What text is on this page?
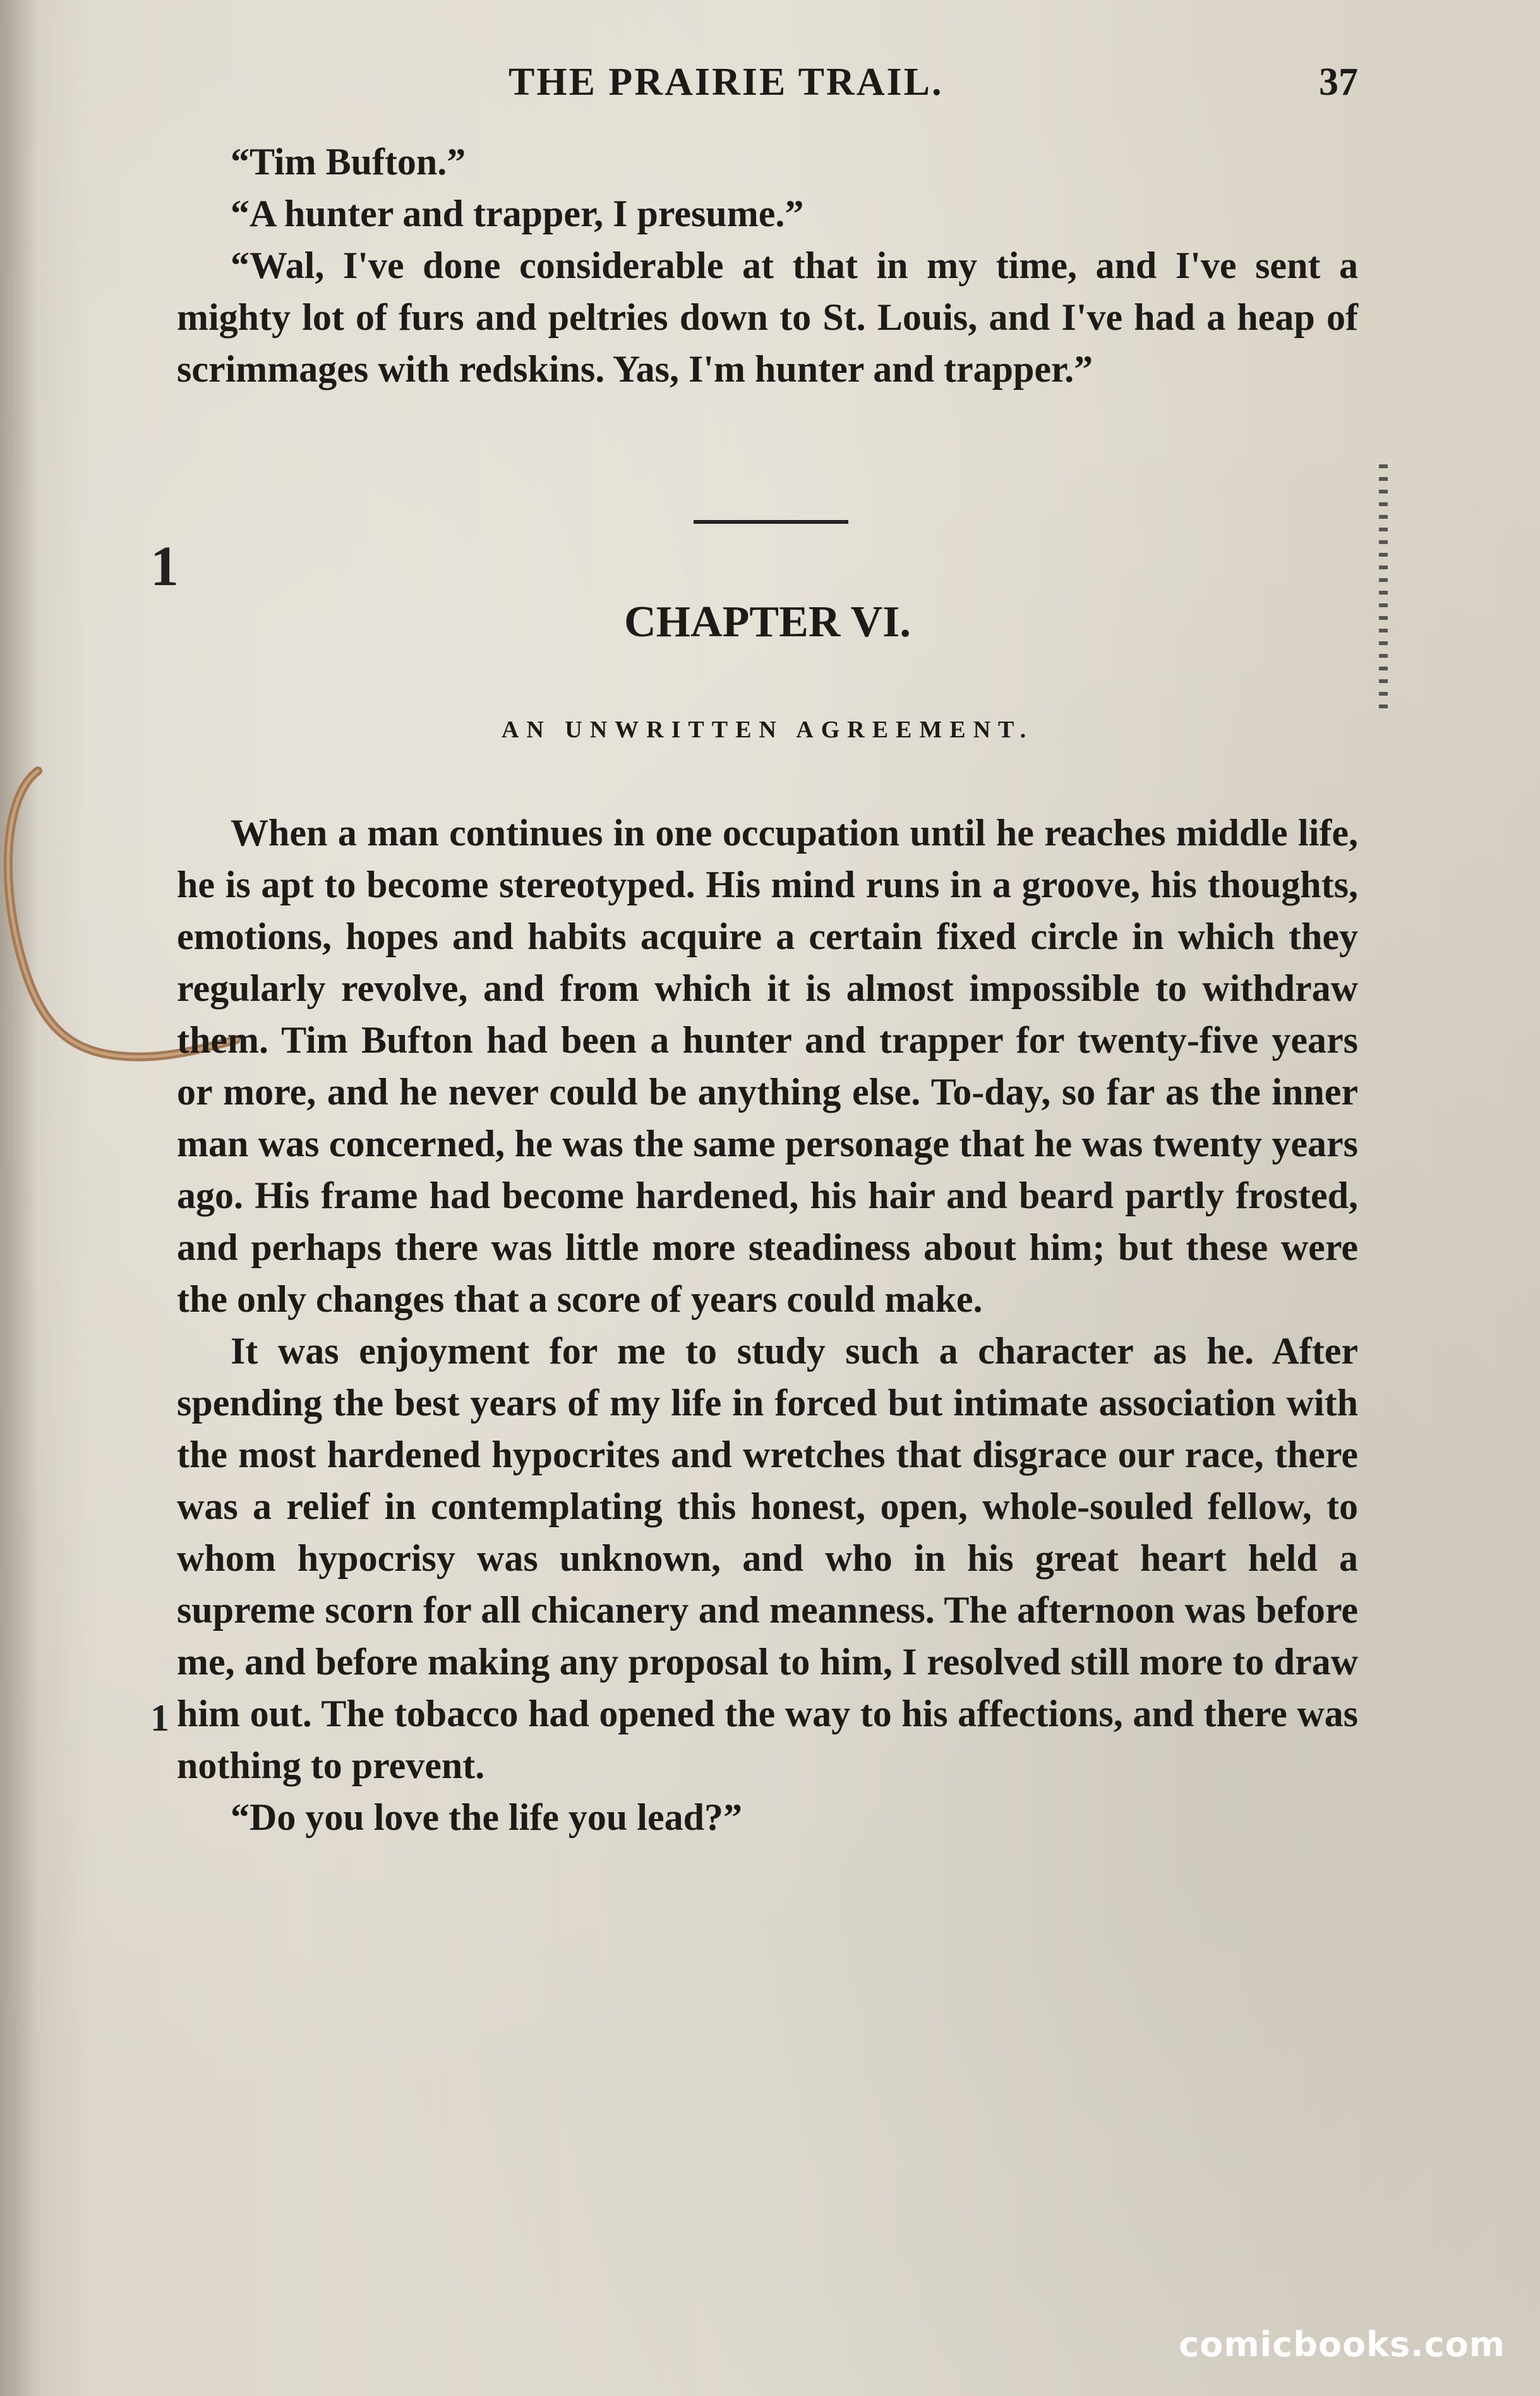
1
1
THE PRAIRIE TRAIL.	37

“Tim Bufton.”

“A hunter and trapper, I presume.”

“Wal, I've done considerable at that in my time, and I've sent a mighty lot of furs and peltries down to St. Louis, and I've had a heap of scrimmages with redskins. Yas, I'm hunter and trapper.”

CHAPTER VI.
AN UNWRITTEN AGREEMENT.

When a man continues in one occupation until he reaches middle life, he is apt to become stereotyped. His mind runs in a groove, his thoughts, emotions, hopes and habits acquire a certain fixed circle in which they regularly revolve, and from which it is almost impossible to withdraw them. Tim Bufton had been a hunter and trapper for twenty-five years or more, and he never could be anything else. To-day, so far as the inner man was concerned, he was the same personage that he was twenty years ago. His frame had become hardened, his hair and beard partly frosted, and perhaps there was little more steadiness about him; but these were the only changes that a score of years could make.

It was enjoyment for me to study such a character as he. After spending the best years of my life in forced but intimate association with the most hardened hypocrites and wretches that disgrace our race, there was a relief in contemplating this honest, open, whole-souled fellow, to whom hypocrisy was unknown, and who in his great heart held a supreme scorn for all chicanery and meanness. The afternoon was before me, and before making any proposal to him, I resolved still more to draw him out. The tobacco had opened the way to his affections, and there was nothing to prevent.

“Do you love the life you lead?”

comicbooks.com
